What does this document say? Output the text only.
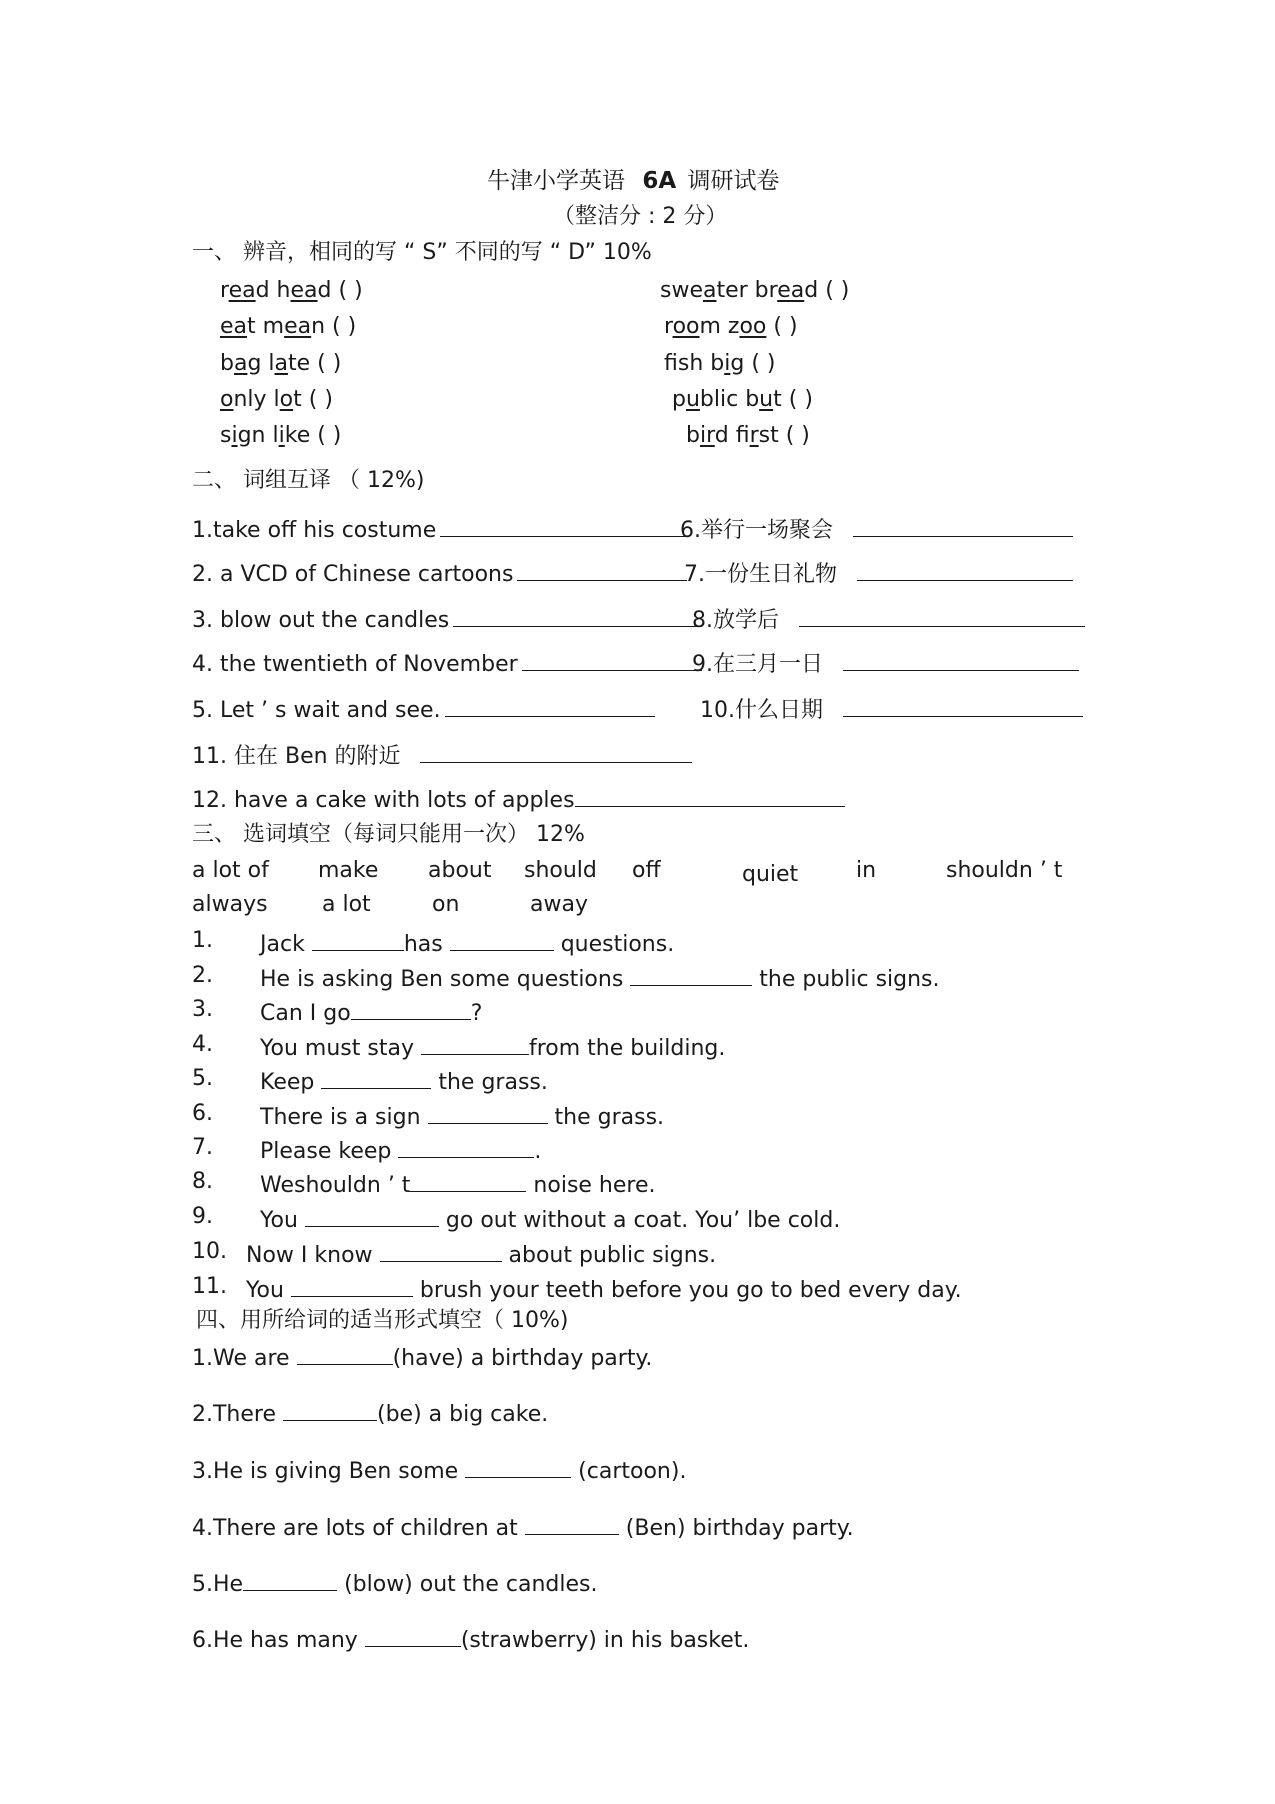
牛津小学英语 6A 调研试卷
（整洁分 : 2 分）
一、 辨音，相同的写 “ S” 不同的写 “ D” 10%
read head ( )	sweater bread ( )
eat mean ( )	room zoo ( )
bag late ( )	fsh big ( )
only lot ( )	public but ( )
sign like ( )	bird first ( )
二、 词组互译 （ 12%)
1.take off his costume	6.举行一场聚会
2. a VCD of Chinese cartoons	7.一份生日礼物
3. blow out the candles	8.放学后
4. the twentieth of November	9.在三月一日
5. Let ’ s wait and see.	10.什么日期
11. 住在 Ben 的附近
12. have a cake with lots of apples
三、 选词填空（每词只能用一次） 12%
a lot of make about should off	quiet	in	shouldn ’ t
always a lot	on	away
1. Jack	has	questions.
2. He is asking Ben some questions	the public signs.
3. Can I go	?
4. You must stay	from the building.
5. Keep	the grass.
6. There is a sign	the grass.
7. Please keep	.
8. Weshouldn ’ t	noise here.
9. You	go out without a coat. You’ lbe cold.
10. Now I know	about public signs.
11. You	brush your teeth before you go to bed every day.
四、用所给词的适当形式填空（ 10%)
1.We are	(have) a birthday party.
2.There	(be) a big cake.
3.He is giving Ben some	(cartoon).
4.There are lots of children at	(Ben) birthday party.
5.He	(blow) out the candles.
6.He has many	(strawberry) in his basket.
